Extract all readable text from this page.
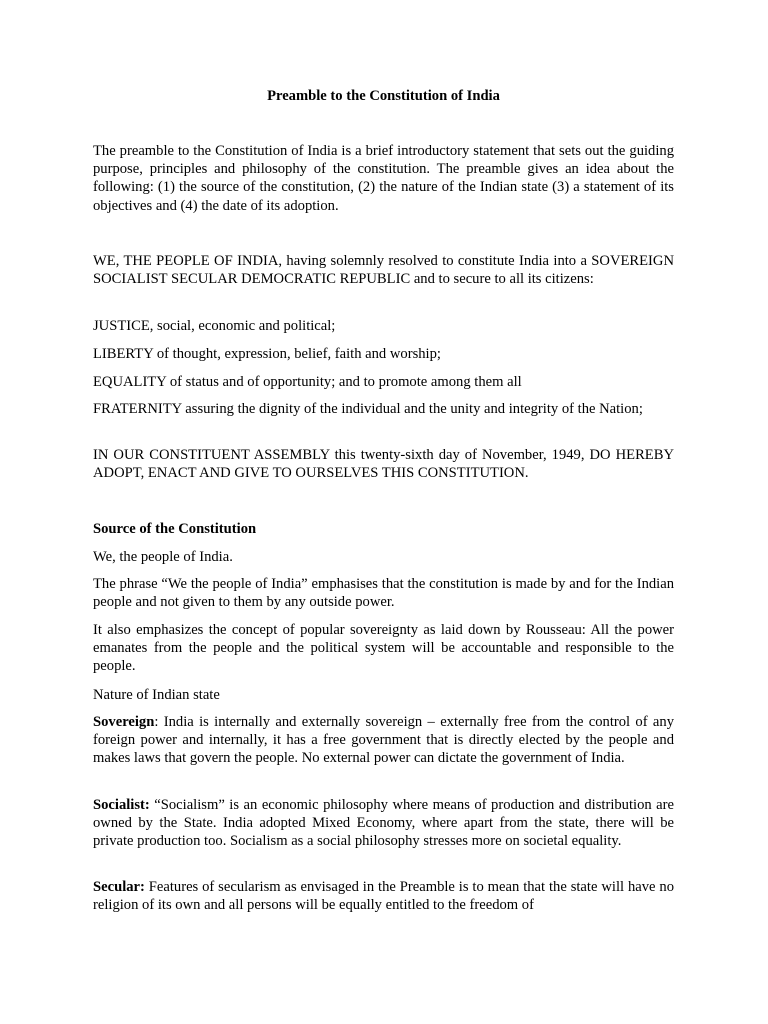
Preamble to the Constitution of India

The preamble to the Constitution of India is a brief introductory statement that sets out the guiding purpose, principles and philosophy of the constitution. The preamble gives an idea about the following: (1) the source of the constitution, (2) the nature of the Indian state (3) a statement of its objectives and (4) the date of its adoption.

WE, THE PEOPLE OF INDIA, having solemnly resolved to constitute India into a SOVEREIGN SOCIALIST SECULAR DEMOCRATIC REPUBLIC and to secure to all its citizens:

JUSTICE, social, economic and political;

LIBERTY of thought, expression, belief, faith and worship;

EQUALITY of status and of opportunity; and to promote among them all

FRATERNITY assuring the dignity of the individual and the unity and integrity of the Nation;

IN OUR CONSTITUENT ASSEMBLY this twenty-sixth day of November, 1949, DO HEREBY ADOPT, ENACT AND GIVE TO OURSELVES THIS CONSTITUTION.

Source of the Constitution

We, the people of India.

The phrase “We the people of India” emphasises that the constitution is made by and for the Indian people and not given to them by any outside power.

It also emphasizes the concept of popular sovereignty as laid down by Rousseau: All the power emanates from the people and the political system will be accountable and responsible to the people.

Nature of Indian state

Sovereign: India is internally and externally sovereign – externally free from the control of any foreign power and internally, it has a free government that is directly elected by the people and makes laws that govern the people. No external power can dictate the government of India.

Socialist: “Socialism” is an economic philosophy where means of production and distribution are owned by the State. India adopted Mixed Economy, where apart from the state, there will be private production too. Socialism as a social philosophy stresses more on societal equality.

Secular: Features of secularism as envisaged in the Preamble is to mean that the state will have no religion of its own and all persons will be equally entitled to the freedom of
